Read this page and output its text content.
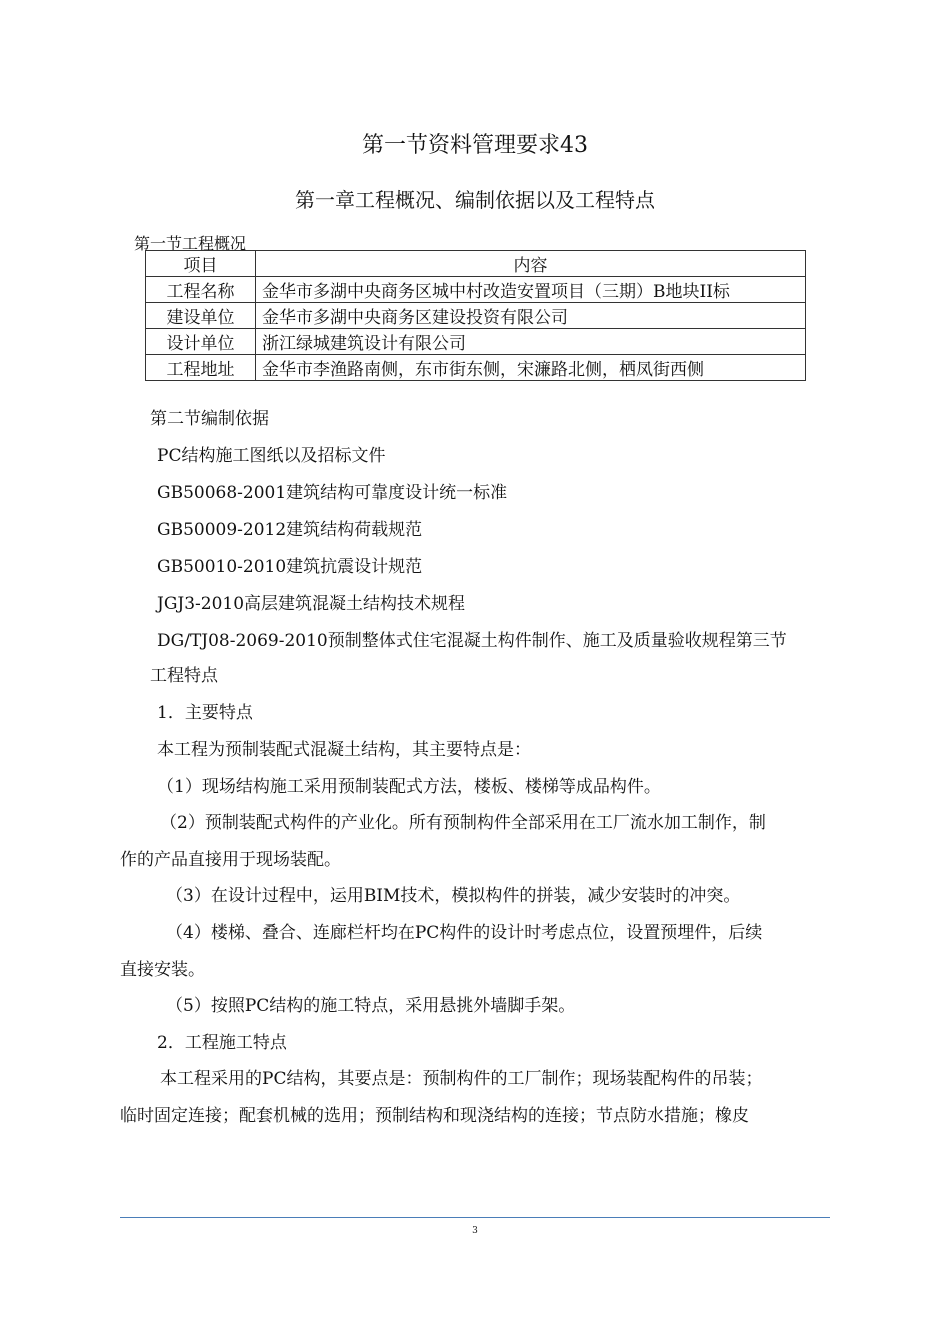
第一节资料管理要求43
第一章工程概况、编制依据以及工程特点
第一节工程概况
项目	内容
工程名称	金华市多湖中央商务区城中村改造安置项目（三期）B地块II标
建设单位	金华市多湖中央商务区建设投资有限公司
设计单位	浙江绿城建筑设计有限公司
工程地址	金华市李渔路南侧，东市街东侧，宋濂路北侧，栖凤街西侧
第二节编制依据
PC结构施工图纸以及招标文件
GB50068-2001建筑结构可靠度设计统一标准
GB50009-2012建筑结构荷载规范
GB50010-2010建筑抗震设计规范
JGJ3-2010高层建筑混凝土结构技术规程
DG/TJ08-2069-2010预制整体式住宅混凝土构件制作、施工及质量验收规程第三节
工程特点
1．主要特点
本工程为预制装配式混凝土结构，其主要特点是：
（1）现场结构施工采用预制装配式方法，楼板、楼梯等成品构件。
（2）预制装配式构件的产业化。所有预制构件全部采用在工厂流水加工制作，制
作的产品直接用于现场装配。
（3）在设计过程中，运用BIM技术，模拟构件的拼装，减少安装时的冲突。
（4）楼梯、叠合、连廊栏杆均在PC构件的设计时考虑点位，设置预埋件，后续
直接安装。
（5）按照PC结构的施工特点，采用悬挑外墙脚手架。
2．工程施工特点
本工程采用的PC结构，其要点是：预制构件的工厂制作；现场装配构件的吊装；
临时固定连接；配套机械的选用；预制结构和现浇结构的连接；节点防水措施；橡皮
3
